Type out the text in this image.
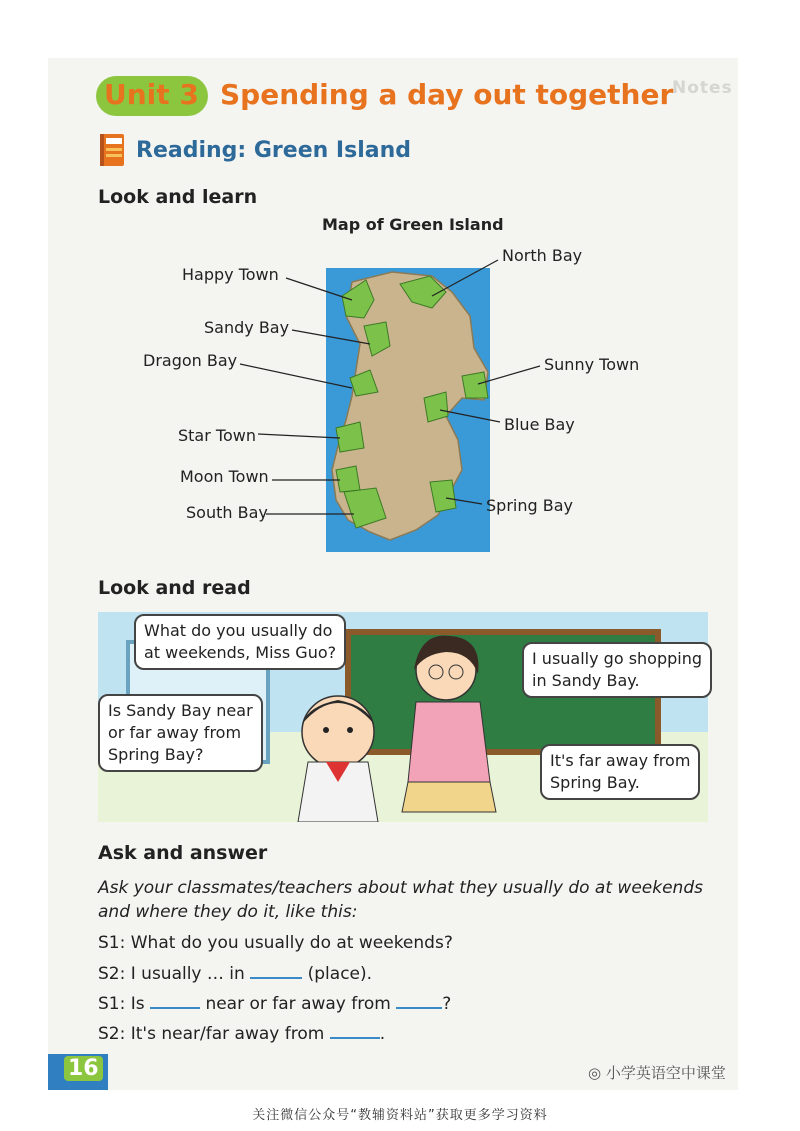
Notes
Unit 3 Spending a day out together
Reading: Green Island
Look and learn
Map of Green Island
Happy Town
Sandy Bay
Dragon Bay
Star Town
Moon Town
South Bay
North Bay
Sunny Town
Blue Bay
Spring Bay
Look and read
What do you usually do
at weekends, Miss Guo?	I usually go shopping
in Sandy Bay.
Is Sandy Bay near
or far away from
Spring Bay?	It's far away from
Spring Bay.
Ask and answer
Ask your classmates/teachers about what they usually do at weekends and where they do it, like this:
S1: What do you usually do at weekends?
S2: I usually … in	(place).
S1: Is	near or far away from	?
S2: It's near/far away from	.
16	◎ 小学英语空中课堂
关注微信公众号“教辅资料站”获取更多学习资料
